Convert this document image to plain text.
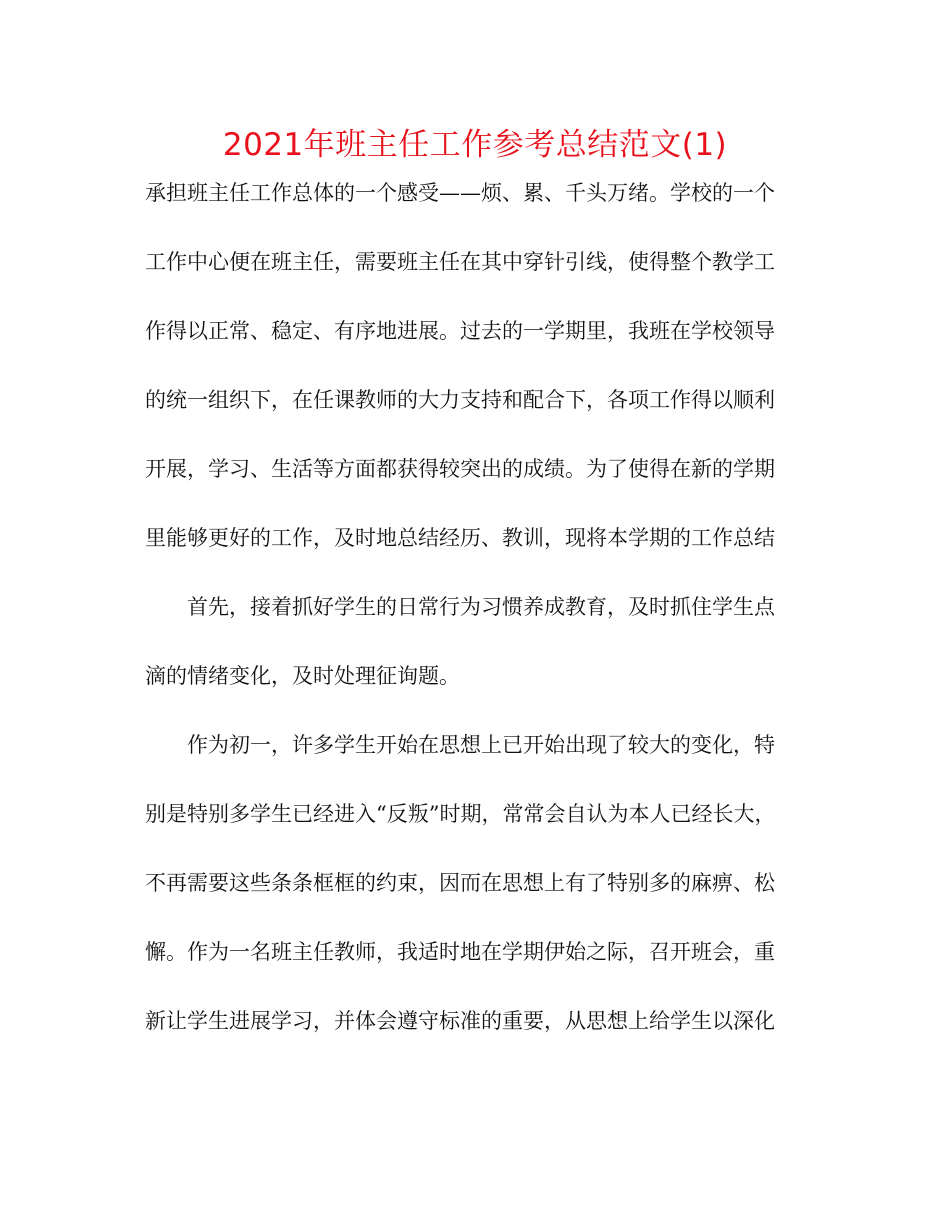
2021年班主任工作参考总结范文(1)
承担班主任工作总体的一个感受——烦、累、千头万绪。学校的一个
工作中心便在班主任，需要班主任在其中穿针引线，使得整个教学工
作得以正常、稳定、有序地进展。过去的一学期里，我班在学校领导
的统一组织下，在任课教师的大力支持和配合下，各项工作得以顺利
开展，学习、生活等方面都获得较突出的成绩。为了使得在新的学期
里能够更好的工作，及时地总结经历、教训，现将本学期的工作总结
首先，接着抓好学生的日常行为习惯养成教育，及时抓住学生点
滴的情绪变化，及时处理征询题。
作为初一，许多学生开始在思想上已开始出现了较大的变化，特
别是特别多学生已经进入“反叛”时期，常常会自认为本人已经长大，
不再需要这些条条框框的约束，因而在思想上有了特别多的麻痹、松
懈。作为一名班主任教师，我适时地在学期伊始之际，召开班会，重
新让学生进展学习，并体会遵守标准的重要，从思想上给学生以深化
